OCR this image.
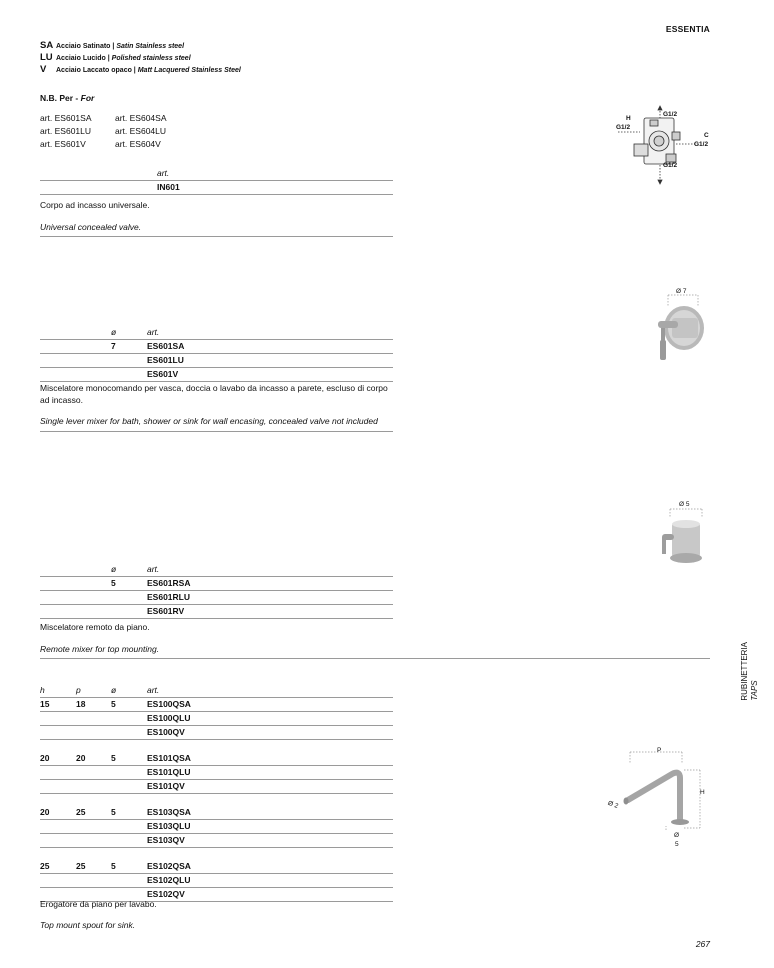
ESSENTIA
SA Acciaio Satinato | Satin Stainless steel
LU Acciaio Lucido | Polished stainless steel
V Acciaio Laccato opaco | Matt Lacquered Stainless Steel
N.B. Per - For
art. ES601SA
art. ES601LU
art. ES601V
art. ES604SA
art. ES604LU
art. ES604V
art.
IN601
Corpo ad incasso universale.
Universal concealed valve.
G1/2
H
G1/2
C
G1/2
G1/2
ø	art.
7	ES601SA
ES601LU
ES601V
Miscelatore monocomando per vasca, doccia o lavabo da incasso a parete, escluso di corpo ad incasso.
Single lever mixer for bath, shower or sink for wall encasing, concealed valve not included
Ø 7
ø	art.
5	ES601RSA
ES601RLU
ES601RV
Miscelatore remoto da piano.
Remote mixer for top mounting.
Ø 5
h	p	ø	art.
15	18	5	ES100QSA
ES100QLU
ES100QV
20	20	5	ES101QSA
ES101QLU
ES101QV
20	25	5	ES103QSA
ES103QLU
ES103QV
25	25	5	ES102QSA
ES102QLU
ES102QV
Erogatore da piano per lavabo.
Top mount spout for sink.
P
H
Ø 2
Ø
5
RUBINETTERIA
TAPS
267
